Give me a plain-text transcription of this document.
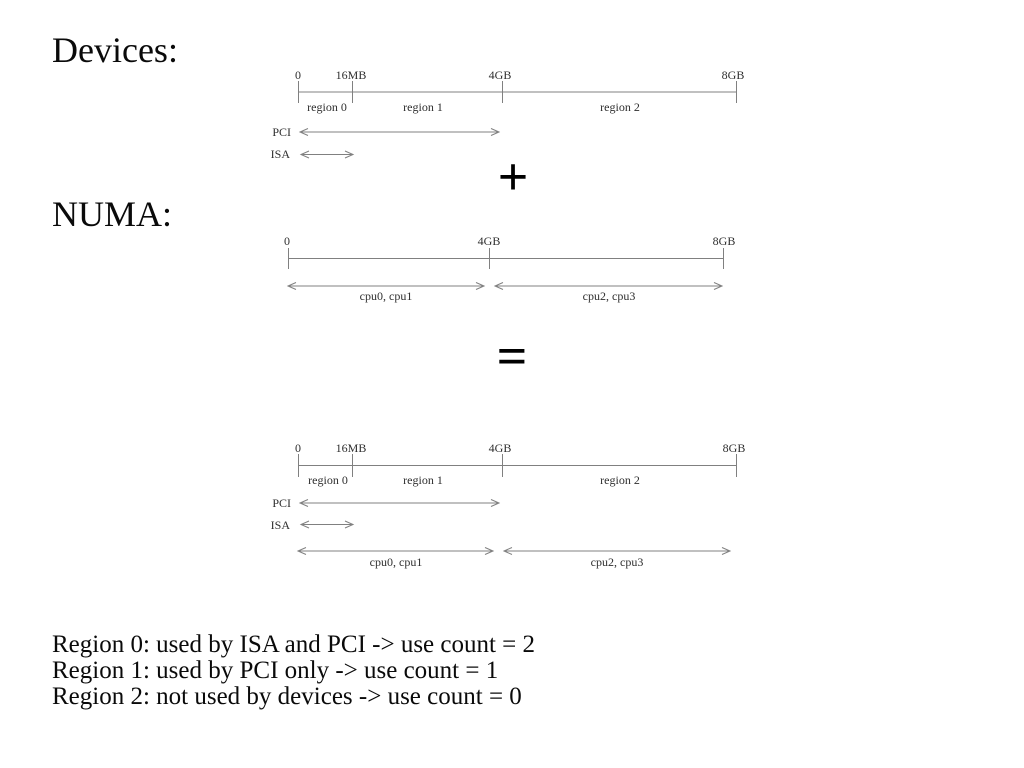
Devices:
NUMA:
0	16MB	4GB	8GB
region 0	region 1	region 2
PCI
ISA	+
0	4GB	8GB
cpu0, cpu1	cpu2, cpu3
=
0	16MB	4GB	8GB
region 0	region 1	region 2
PCI
ISA
cpu0, cpu1	cpu2, cpu3
Region 0: used by ISA and PCI -> use count = 2
Region 1: used by PCI only -> use count = 1
Region 2: not used by devices -> use count = 0
